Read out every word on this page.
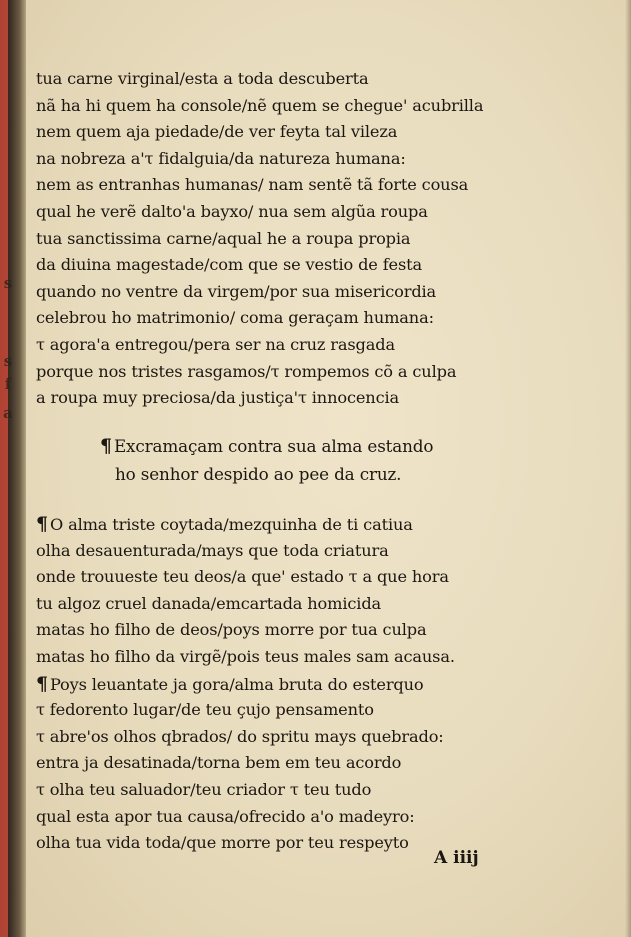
s
s
f
a
tua carne virginal/esta a toda descuberta
nã ha hi quem ha console/nẽ quem se chegue' acubrilla
nem quem aja piedade/de ver feyta tal vileza
na nobreza a'τ fidalguia/da natureza humana:
nem as entranhas humanas/ nam sentẽ tã forte cousa
qual he verẽ dalto'a bayxo/ nua sem algũa roupa
tua sanctissima carne/aqual he a roupa propia
da diuina magestade/com que se vestio de festa
quando no ventre da virgem/por sua misericordia
celebrou ho matrimonio/ coma geraçam humana:
τ agora'a entregou/pera ser na cruz rasgada
porque nos tristes rasgamos/τ rompemos cõ a culpa
a roupa muy preciosa/da justiça'τ innocencia
¶ Excramaçam contra sua alma estando
ho senhor despido ao pee da cruz.
¶ O alma triste coytada/mezquinha de ti catiua
olha desauenturada/mays que toda criatura
onde trouueste teu deos/a que' estado τ a que hora
tu algoz cruel danada/emcartada homicida
matas ho filho de deos/poys morre por tua culpa
matas ho filho da virgẽ/pois teus males sam acausa.
¶ Poys leuantate ja gora/alma bruta do esterquo
τ fedorento lugar/de teu çujo pensamento
τ abre'os olhos qbrados/ do spritu mays quebrado:
entra ja desatinada/torna bem em teu acordo
τ olha teu saluador/teu criador τ teu tudo
qual esta apor tua causa/ofrecido a'o madeyro:
olha tua vida toda/que morre por teu respeyto
A iiij
